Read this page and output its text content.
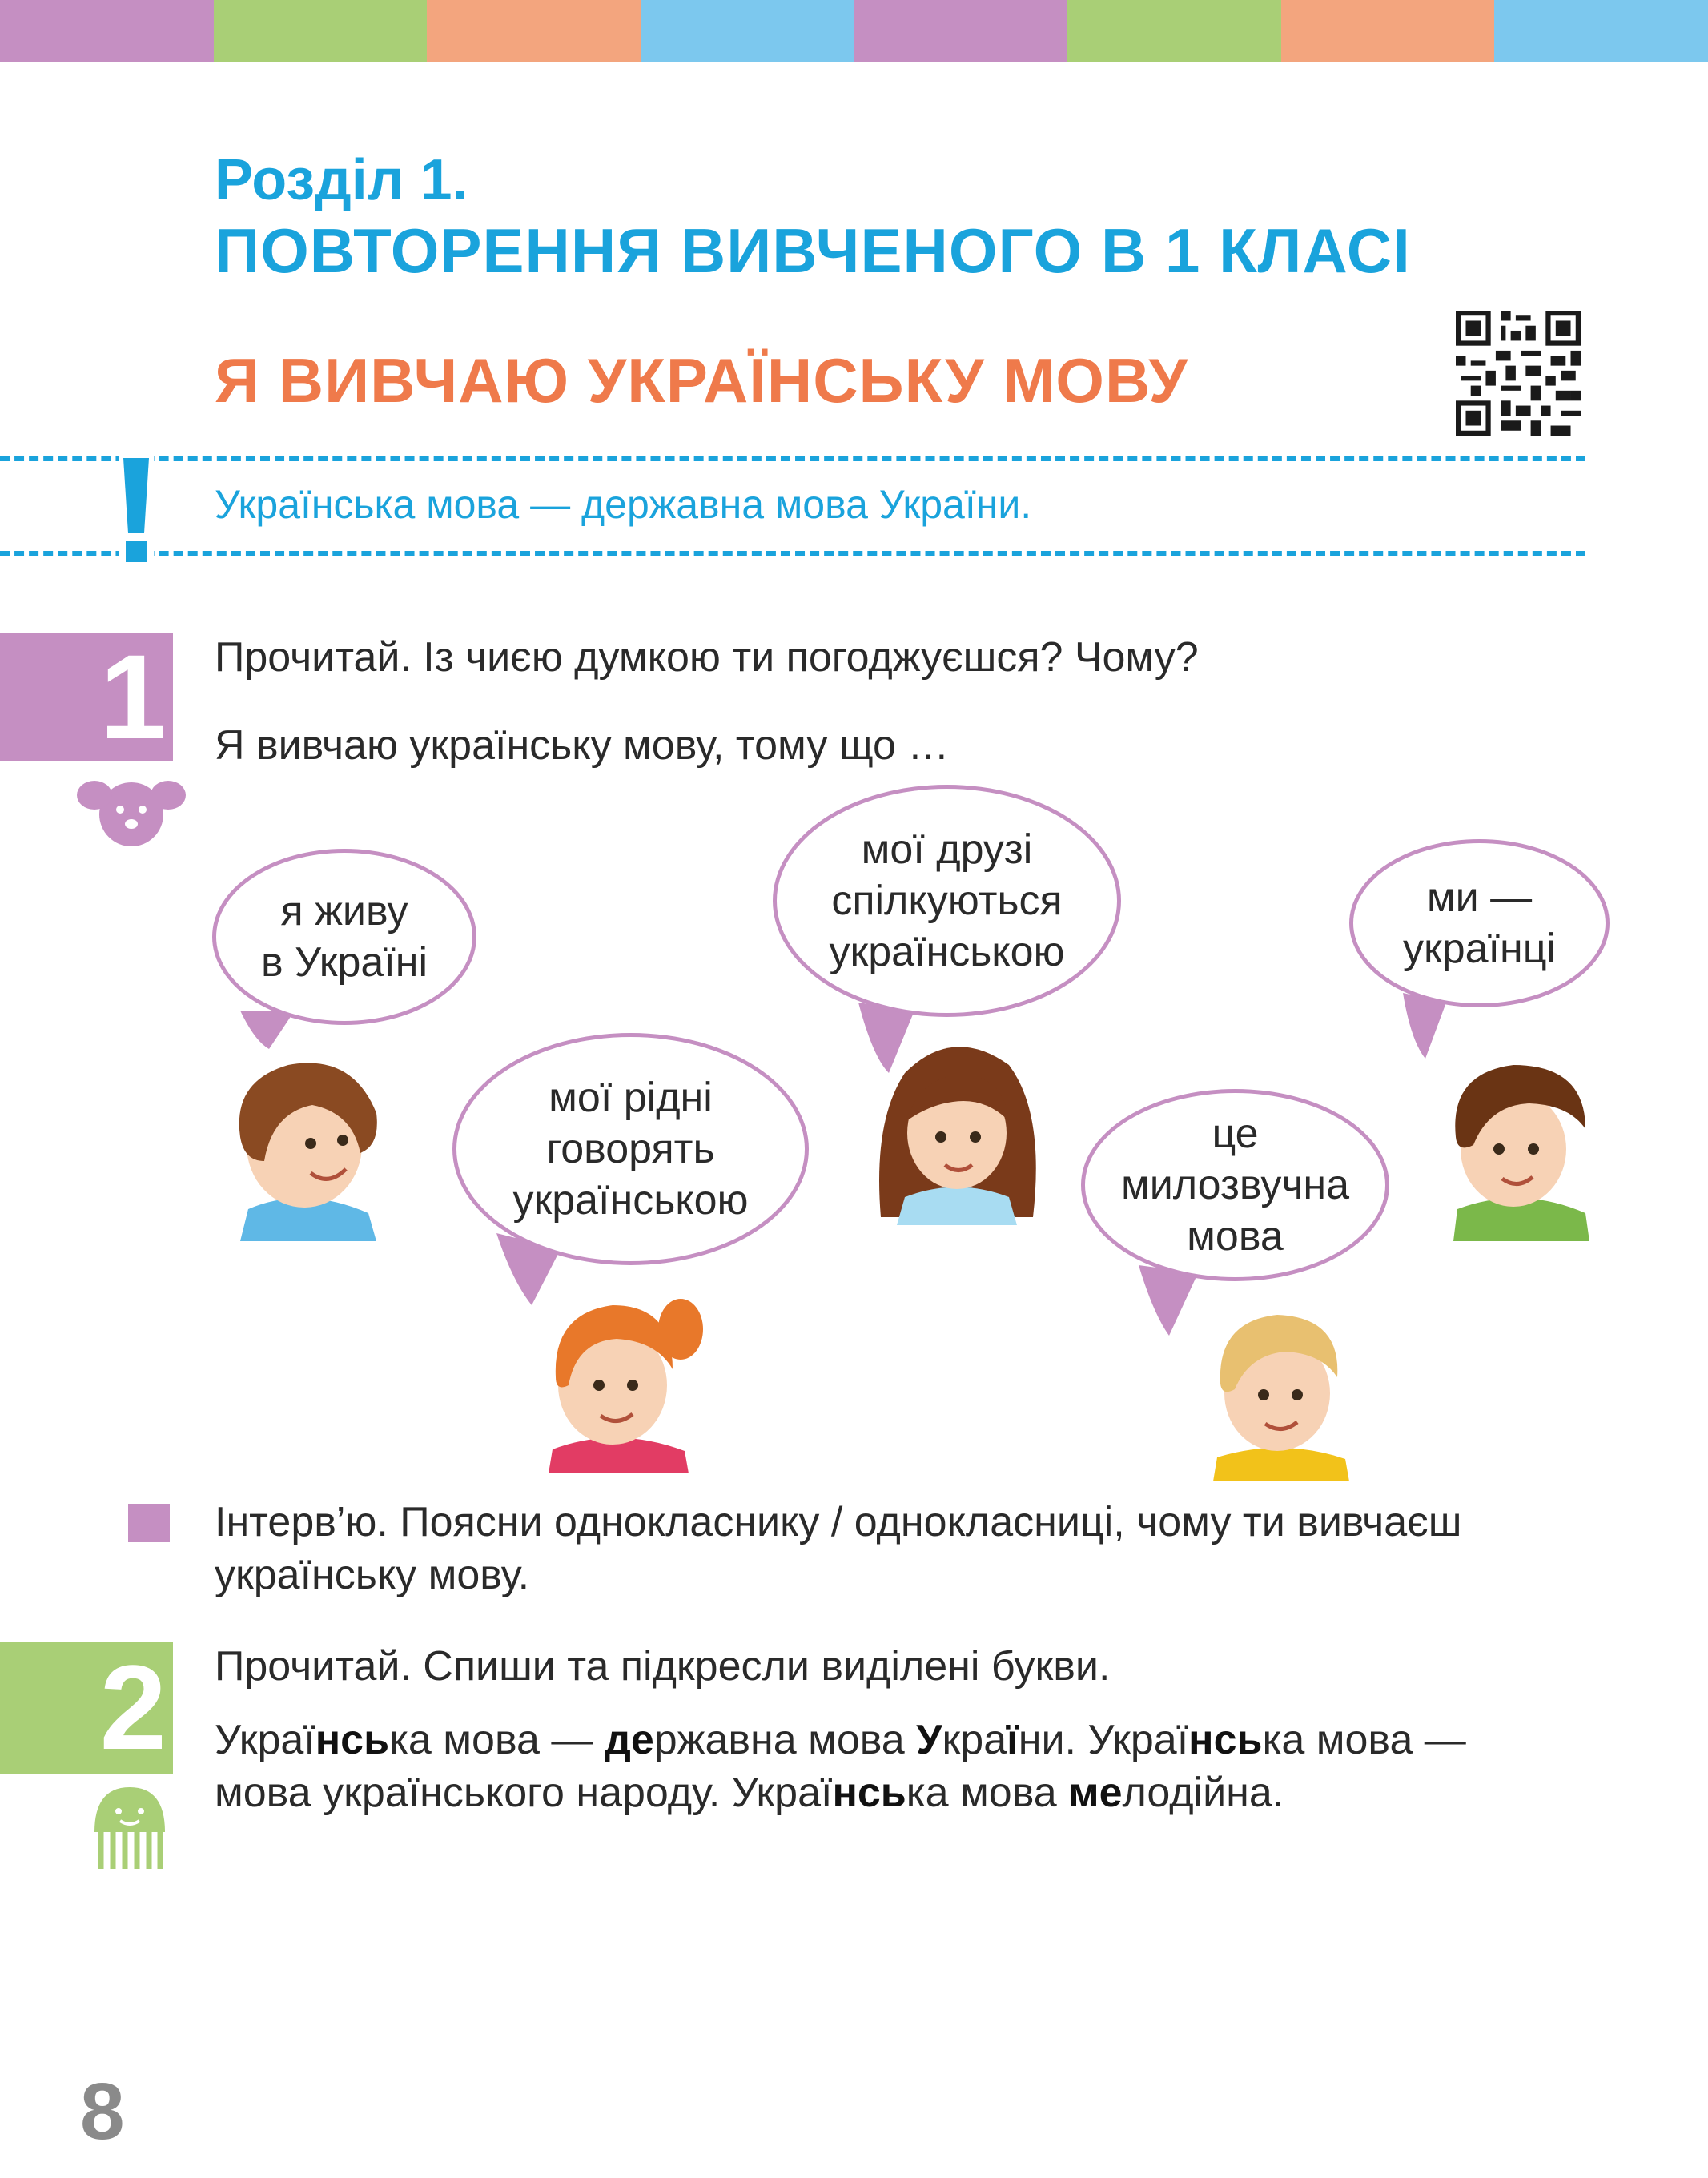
Розділ 1.
ПОВТОРЕННЯ ВИВЧЕНОГО В 1 КЛАСІ
Я ВИВЧАЮ УКРАЇНСЬКУ МОВУ
Українська мова — державна мова України.
1 Прочитай. Із чиєю думкою ти погоджуєшся? Чому?
Я вивчаю українську мову, тому що …
я живу
в Україні
мої друзі
спілкуються
українською
ми —
українці
мої рідні
говорять
українською
це
милозвучна
мова
Інтерв’ю. Поясни однокласнику / однокласниці, чому ти вивчаєш українську мову.
2 Прочитай. Спиши та підкресли виділені букви.
Українська мова — державна мова України. Українська мова — мова українського народу. Українська мова мелодійна.
8
